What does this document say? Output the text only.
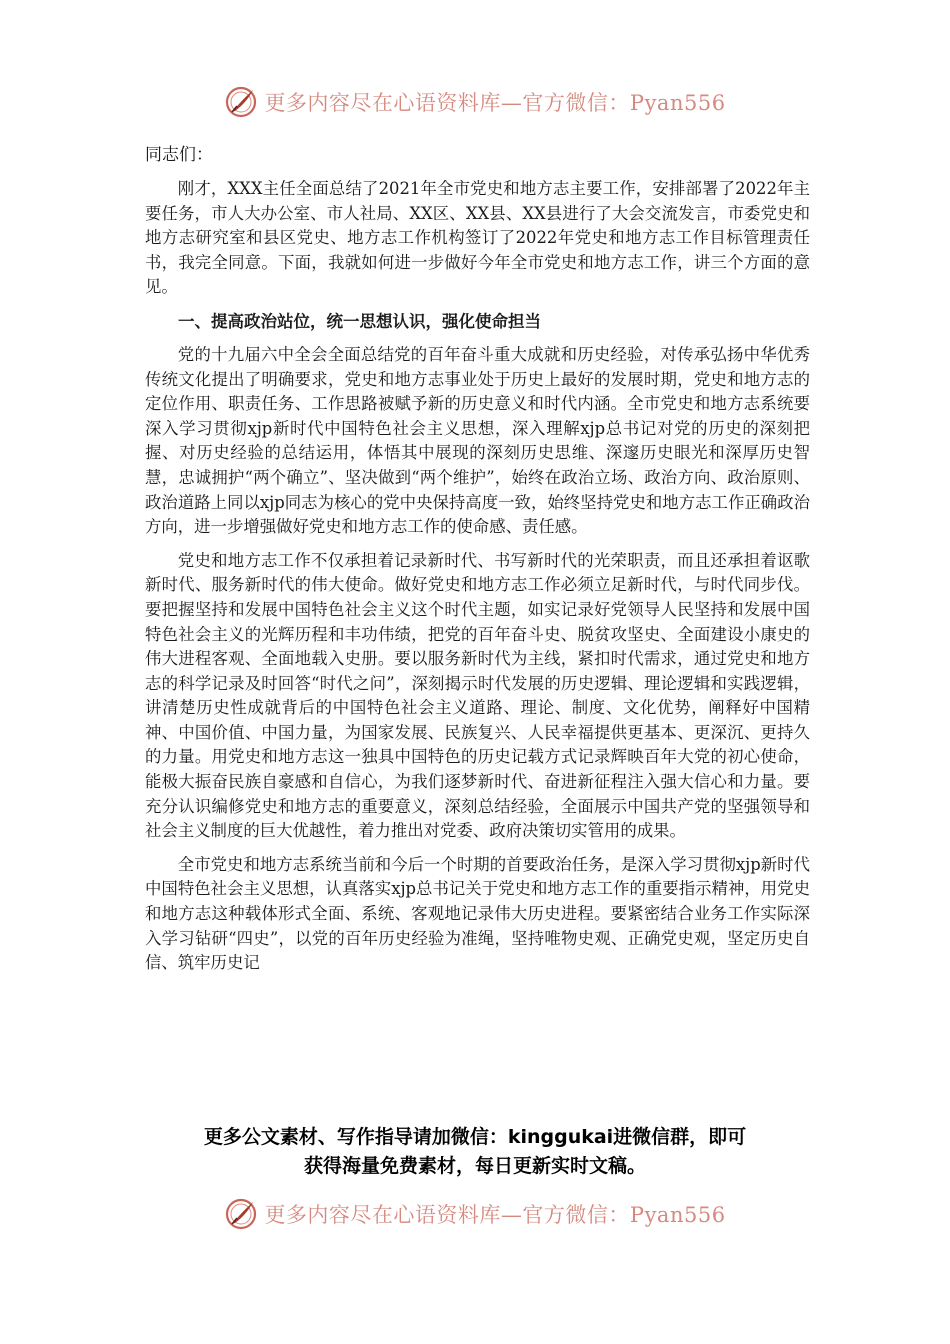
更多内容尽在心语资料库—官方微信：Pyan556

同志们：

刚才，XXX主任全面总结了2021年全市党史和地方志主要工作，安排部署了2022年主要任务，市人大办公室、市人社局、XX区、XX县、XX县进行了大会交流发言，市委党史和地方志研究室和县区党史、地方志工作机构签订了2022年党史和地方志工作目标管理责任书，我完全同意。下面，我就如何进一步做好今年全市党史和地方志工作，讲三个方面的意见。

一、提高政治站位，统一思想认识，强化使命担当

党的十九届六中全会全面总结党的百年奋斗重大成就和历史经验，对传承弘扬中华优秀传统文化提出了明确要求，党史和地方志事业处于历史上最好的发展时期，党史和地方志的定位作用、职责任务、工作思路被赋予新的历史意义和时代内涵。全市党史和地方志系统要深入学习贯彻xjp新时代中国特色社会主义思想，深入理解xjp总书记对党的历史的深刻把握、对历史经验的总结运用，体悟其中展现的深刻历史思维、深邃历史眼光和深厚历史智慧，忠诚拥护“两个确立”、坚决做到“两个维护”，始终在政治立场、政治方向、政治原则、政治道路上同以xjp同志为核心的党中央保持高度一致，始终坚持党史和地方志工作正确政治方向，进一步增强做好党史和地方志工作的使命感、责任感。

党史和地方志工作不仅承担着记录新时代、书写新时代的光荣职责，而且还承担着讴歌新时代、服务新时代的伟大使命。做好党史和地方志工作必须立足新时代，与时代同步伐。要把握坚持和发展中国特色社会主义这个时代主题，如实记录好党领导人民坚持和发展中国特色社会主义的光辉历程和丰功伟绩，把党的百年奋斗史、脱贫攻坚史、全面建设小康史的伟大进程客观、全面地载入史册。要以服务新时代为主线，紧扣时代需求，通过党史和地方志的科学记录及时回答“时代之问”，深刻揭示时代发展的历史逻辑、理论逻辑和实践逻辑，讲清楚历史性成就背后的中国特色社会主义道路、理论、制度、文化优势，阐释好中国精神、中国价值、中国力量，为国家发展、民族复兴、人民幸福提供更基本、更深沉、更持久的力量。用党史和地方志这一独具中国特色的历史记载方式记录辉映百年大党的初心使命，能极大振奋民族自豪感和自信心，为我们逐梦新时代、奋进新征程注入强大信心和力量。要充分认识编修党史和地方志的重要意义，深刻总结经验，全面展示中国共产党的坚强领导和社会主义制度的巨大优越性，着力推出对党委、政府决策切实管用的成果。

全市党史和地方志系统当前和今后一个时期的首要政治任务，是深入学习贯彻xjp新时代中国特色社会主义思想，认真落实xjp总书记关于党史和地方志工作的重要指示精神，用党史和地方志这种载体形式全面、系统、客观地记录伟大历史进程。要紧密结合业务工作实际深入学习钻研“四史”，以党的百年历史经验为准绳，坚持唯物史观、正确党史观，坚定历史自信、筑牢历史记

更多公文素材、写作指导请加微信：kinggukai进微信群，即可
获得海量免费素材，每日更新实时文稿。
更多内容尽在心语资料库—官方微信：Pyan556
